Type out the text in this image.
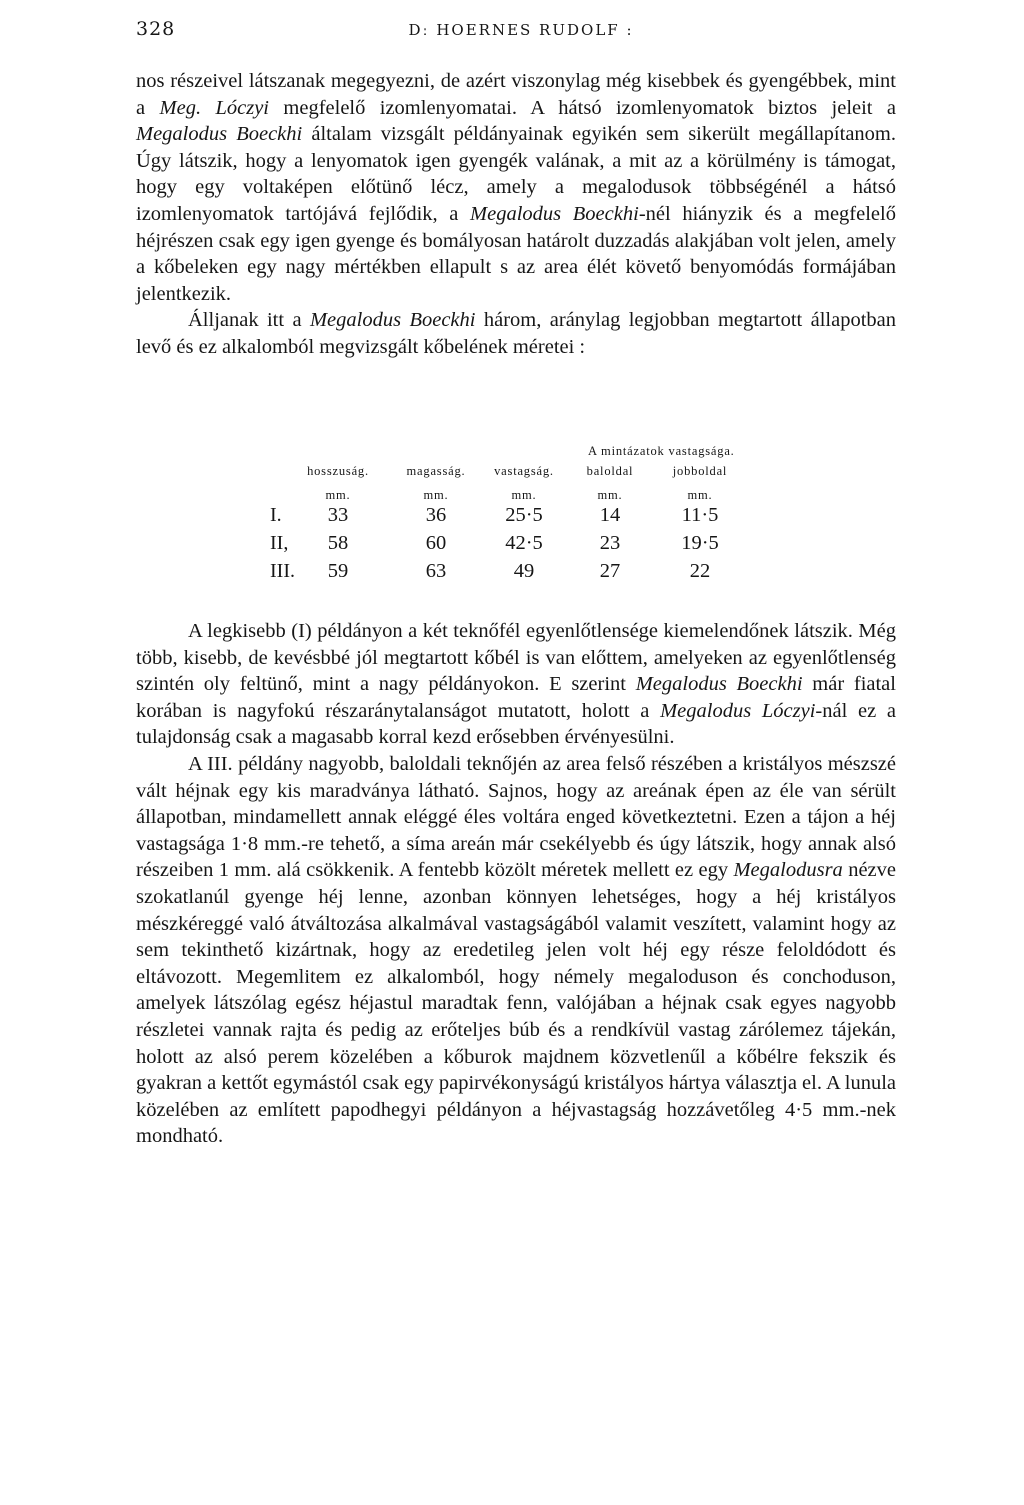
328	Dː HOERNES RUDOLF :

nos részeivel látszanak megegyezni, de azért viszonylag még kisebbek és gyengébbek, mint a Meg. Lóczyi megfelelő izomlenyomatai. A hátsó izomlenyomatok biztos jeleit a Megalodus Boeckhi általam vizsgált példányainak egyikén sem sikerült megállapítanom. Úgy látszik, hogy a lenyomatok igen gyengék valának, a mit az a körülmény is támogat, hogy egy voltaképen előtünő lécz, amely a megalodusok többségénél a hátsó izomlenyomatok tartójává fejlődik, a Megalodus Boeckhi-nél hiányzik és a megfelelő héjrészen csak egy igen gyenge és bomályosan határolt duzzadás alakjában volt jelen, amely a kőbeleken egy nagy mértékben ellapult s az area élét követő benyomódás formájában jelentkezik.

Álljanak itt a Megalodus Boeckhi három, aránylag legjobban megtartott állapotban levő és ez alkalomból megvizsgált kőbelének méretei :

A mintázatok vastagsága.
hosszuság.	magasság.	vastagság.	baloldal	jobboldal
mm.	mm.	mm.	mm.	mm.
I.	33	36	25·5	14	11·5
II,	58	60	42·5	23	19·5
III.	59	63	49	27	22

A legkisebb (I) példányon a két teknőfél egyenlőtlensége kiemelendőnek látszik. Még több, kisebb, de kevésbbé jól megtartott kőbél is van előttem, amelyeken az egyenlőtlenség szintén oly feltünő, mint a nagy példányokon. E szerint Megalodus Boeckhi már fiatal korában is nagyfokú részaránytalanságot mutatott, holott a Megalodus Lóczyi-nál ez a tulajdonság csak a magasabb korral kezd erősebben érvényesülni.

A III. példány nagyobb, baloldali teknőjén az area felső részében a kristályos mészszé vált héjnak egy kis maradványa látható. Sajnos, hogy az areának épen az éle van sérült állapotban, mindamellett annak eléggé éles voltára enged következtetni. Ezen a tájon a héj vastagsága 1·8 mm.-re tehető, a síma areán már csekélyebb és úgy látszik, hogy annak alsó részeiben 1 mm. alá csökkenik. A fentebb közölt méretek mellett ez egy Megalodusra nézve szokatlanúl gyenge héj lenne, azonban könnyen lehetséges, hogy a héj kristályos mészkéreggé való átváltozása alkalmával vastagságából valamit veszített, valamint hogy az sem tekinthető kizártnak, hogy az eredetileg jelen volt héj egy része feloldódott és eltávozott. Megemlitem ez alkalomból, hogy némely megaloduson és conchoduson, amelyek látszólag egész héjastul maradtak fenn, valójában a héjnak csak egyes nagyobb részletei vannak rajta és pedig az erőteljes búb és a rendkívül vastag zárólemez tájekán, holott az alsó perem közelében a kőburok majdnem közvetlenűl a kőbélre fekszik és gyakran a kettőt egymástól csak egy papirvékonyságú kristályos hártya választja el. A lunula közelében az említett papodhegyi példányon a héjvastagság hozzávetőleg 4·5 mm.-nek mondható.
